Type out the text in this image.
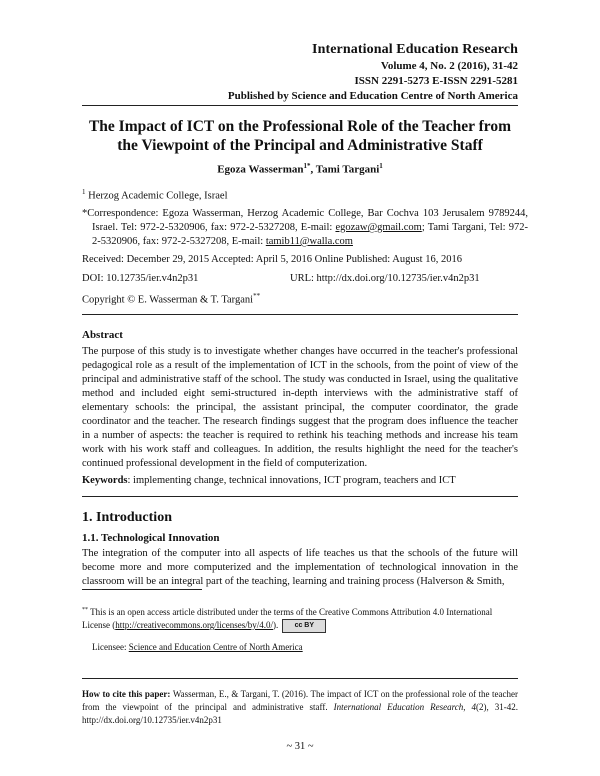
International Education Research
Volume 4, No. 2 (2016), 31-42
ISSN 2291-5273 E-ISSN 2291-5281
Published by Science and Education Centre of North America
The Impact of ICT on the Professional Role of the Teacher from
the Viewpoint of the Principal and Administrative Staff
Egoza Wasserman$^{1*}$, Tami Targani$^1$
$^1$ Herzog Academic College, Israel
*Correspondence: Egoza Wasserman, Herzog Academic College, Bar Cochva 103 Jerusalem 9789244, Israel. Tel: 972-2-5320906, fax: 972-2-5327208, E-mail: egozaw@gmail.com; Tami Targani, Tel: 972-2-5320906, fax: 972-2-5327208, E-mail: tamib11@walla.com
Received: December 29, 2015 Accepted: April 5, 2016 Online Published: August 16, 2016
DOI: 10.12735/ier.v4n2p31	URL: http://dx.doi.org/10.12735/ier.v4n2p31
Copyright © E. Wasserman & T. Targani**
Abstract
The purpose of this study is to investigate whether changes have occurred in the teacher's professional pedagogical role as a result of the implementation of ICT in the schools, from the point of view of the principal and administrative staff of the school. The study was conducted in Israel, using the qualitative method and included eight semi-structured in-depth interviews with the administrative staff of elementary schools: the principal, the assistant principal, the computer coordinator, the grade coordinator and the teacher. The research findings suggest that the program does influence the teacher in a number of aspects: the teacher is required to rethink his teaching methods and increase his team work with his work staff and colleagues. In addition, the results highlight the need for the teacher's continued professional development in the field of computerization.
Keywords: implementing change, technical innovations, ICT program, teachers and ICT
1. Introduction
1.1. Technological Innovation
The integration of the computer into all aspects of life teaches us that the schools of the future will become more and more computerized and the implementation of technological innovation in the classroom will be an integral part of the teaching, learning and training process (Halverson & Smith,
** This is an open access article distributed under the terms of the Creative Commons Attribution 4.0 International License (http://creativecommons.org/licenses/by/4.0/). cc BY
Licensee: Science and Education Centre of North America
How to cite this paper: Wasserman, E., & Targani, T. (2016). The impact of ICT on the professional role of the teacher from the viewpoint of the principal and administrative staff. International Education Research, 4(2), 31-42. http://dx.doi.org/10.12735/ier.v4n2p31
~ 31 ~
